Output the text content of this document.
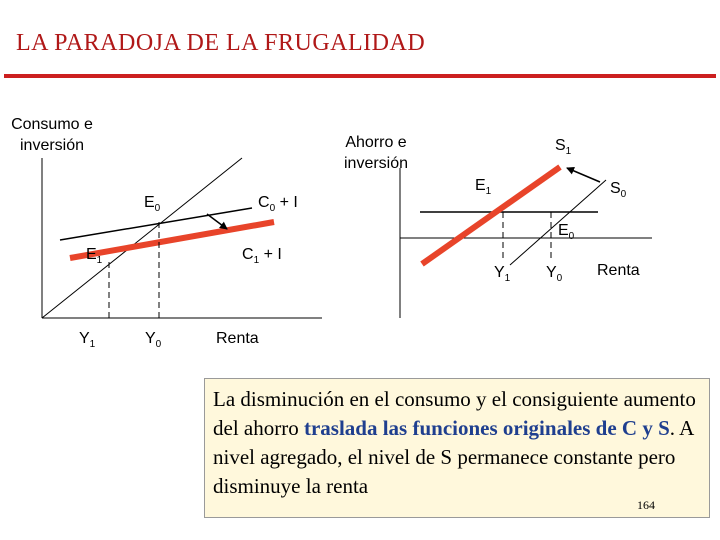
LA PARADOJA DE LA FRUGALIDAD
Consumo e inversión
$E_0$	$C_0 + I$
$E_1$	$C_1 + I$
$Y_1$	$Y_0$	Renta
Ahorro e inversión
$S_1$
$E_1$	$S_0$
$E_0$
$Y_1$ $Y_0$ Renta
La disminución en el consumo y el consiguiente aumento del ahorro traslada las funciones originales de C y S. A nivel agregado, el nivel de S permanece constante pero disminuye la renta
164
